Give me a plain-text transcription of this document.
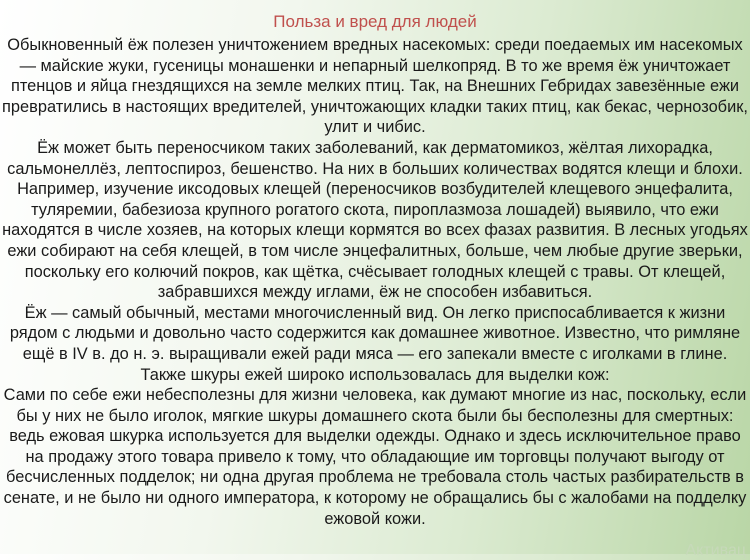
Польза и вред для людей

Обыкновенный ёж полезен уничтожением вредных насекомых: среди поедаемых им насекомых — майские жуки, гусеницы монашенки и непарный шелкопряд. В то же время ёж уничтожает птенцов и яйца гнездящихся на земле мелких птиц. Так, на Внешних Гебридах завезённые ежи превратились в настоящих вредителей, уничтожающих кладки таких птиц, как бекас, чернозобик, улит и чибис.

Ёж может быть переносчиком таких заболеваний, как дерматомикоз, жёлтая лихорадка, сальмонеллёз, лептоспироз, бешенство. На них в больших количествах водятся клещи и блохи. Например, изучение иксодовых клещей (переносчиков возбудителей клещевого энцефалита, туляремии, бабезиоза крупного рогатого скота, пироплазмоза лошадей) выявило, что ежи находятся в числе хозяев, на которых клещи кормятся во всех фазах развития. В лесных угодьях ежи собирают на себя клещей, в том числе энцефалитных, больше, чем любые другие зверьки, поскольку его колючий покров, как щётка, счёсывает голодных клещей с травы. От клещей, забравшихся между иглами, ёж не способен избавиться.

Ёж — самый обычный, местами многочисленный вид. Он легко приспосабливается к жизни рядом с людьми и довольно часто содержится как домашнее животное. Известно, что римляне ещё в IV в. до н. э. выращивали ежей ради мяса — его запекали вместе с иголками в глине. Также шкуры ежей широко использовалась для выделки кож:

Сами по себе ежи небесполезны для жизни человека, как думают многие из нас, поскольку, если бы у них не было иголок, мягкие шкуры домашнего скота были бы бесполезны для смертных: ведь ежовая шкурка используется для выделки одежды. Однако и здесь исключительное право на продажу этого товара привело к тому, что обладающие им торговцы получают выгоду от бесчисленных подделок; ни одна другая проблема не требовала столь частых разбирательств в сенате, и не было ни одного императора, к которому не обращались бы с жалобами на подделку ежовой кожи.

Активац
